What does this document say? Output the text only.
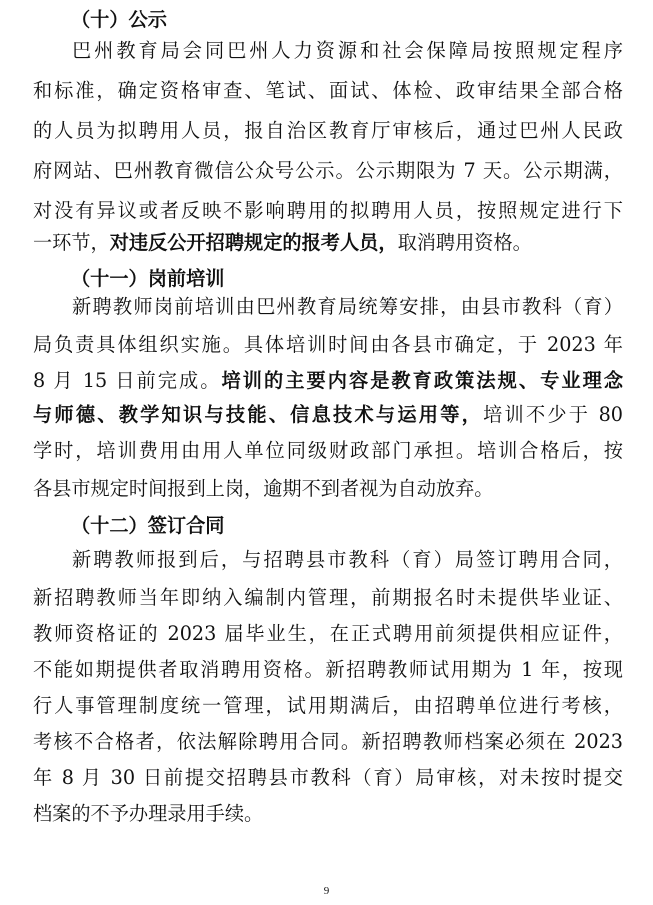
（十）公示
巴州教育局会同巴州人力资源和社会保障局按照规定程序
和标准，确定资格审查、笔试、面试、体检、政审结果全部合格
的人员为拟聘用人员，报自治区教育厅审核后，通过巴州人民政
府网站、巴州教育微信公众号公示。公示期限为 7 天。公示期满，
对没有异议或者反映不影响聘用的拟聘用人员，按照规定进行下
一环节，对违反公开招聘规定的报考人员，取消聘用资格。
（十一）岗前培训
新聘教师岗前培训由巴州教育局统筹安排，由县市教科（育）
局负责具体组织实施。具体培训时间由各县市确定，于 2023 年
8 月 15 日前完成。培训的主要内容是教育政策法规、专业理念
与师德、教学知识与技能、信息技术与运用等，培训不少于 80
学时，培训费用由用人单位同级财政部门承担。培训合格后，按
各县市规定时间报到上岗，逾期不到者视为自动放弃。
（十二）签订合同
新聘教师报到后，与招聘县市教科（育）局签订聘用合同，
新招聘教师当年即纳入编制内管理，前期报名时未提供毕业证、
教师资格证的 2023 届毕业生，在正式聘用前须提供相应证件，
不能如期提供者取消聘用资格。新招聘教师试用期为 1 年，按现
行人事管理制度统一管理，试用期满后，由招聘单位进行考核，
考核不合格者，依法解除聘用合同。新招聘教师档案必须在 2023
年 8 月 30 日前提交招聘县市教科（育）局审核，对未按时提交
档案的不予办理录用手续。
9
